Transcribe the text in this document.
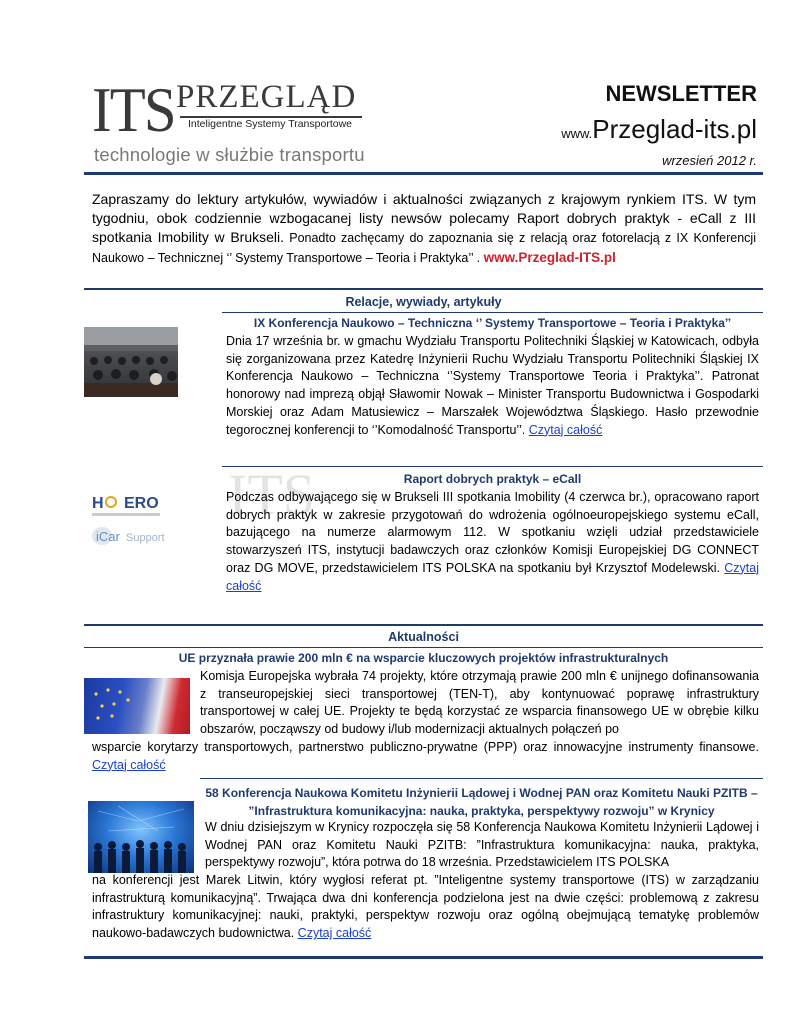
ITS PRZEGLĄD
Inteligentne Systemy Transportowe
technologie w służbie transportu
NEWSLETTER
www.Przeglad-its.pl
wrzesień 2012 r.
Zapraszamy do lektury artykułów, wywiadów i aktualności związanych z krajowym rynkiem ITS. W tym tygodniu, obok codziennie wzbogacanej listy newsów polecamy Raport dobrych praktyk - eCall z III spotkania Imobility w Brukseli. Ponadto zachęcamy do zapoznania się z relacją oraz fotorelacją z IX Konferencji Naukowo – Technicznej ‘’ Systemy Transportowe – Teoria i Praktyka’’ . www.Przeglad-ITS.pl
Relacje, wywiady, artykuły
IX Konferencja Naukowo – Techniczna ‘’ Systemy Transportowe – Teoria i Praktyka’’
Dnia 17 września br. w gmachu Wydziału Transportu Politechniki Śląskiej w Katowicach, odbyła się zorganizowana przez Katedrę Inżynierii Ruchu Wydziału Transportu Politechniki Śląskiej IX Konferencja Naukowo – Techniczna ‘’Systemy Transportowe Teoria i Praktyka’’. Patronat honorowy nad imprezą objął Sławomir Nowak – Minister Transportu Budownictwa i Gospodarki Morskiej oraz Adam Matusiewicz – Marszałek Województwa Śląskiego. Hasło przewodnie tegorocznej konferencji to ‘’Komodalność Transportu’’. Czytaj całość
H ERO
iCar Support
ITS	Raport dobrych praktyk – eCall
Podczas odbywającego się w Brukseli III spotkania Imobility (4 czerwca br.), opracowano raport dobrych praktyk w zakresie przygotowań do wdrożenia ogólnoeuropejskiego systemu eCall, bazującego na numerze alarmowym 112. W spotkaniu wzięli udział przedstawiciele stowarzyszeń ITS, instytucji badawczych oraz członków Komisji Europejskiej DG CONNECT oraz DG MOVE, przedstawicielem ITS POLSKA na spotkaniu był Krzysztof Modelewski. Czytaj całość
Aktualności
UE przyznała prawie 200 mln € na wsparcie kluczowych projektów infrastrukturalnych
Komisja Europejska wybrała 74 projekty, które otrzymają prawie 200 mln € unijnego dofinansowania z transeuropejskiej sieci transportowej (TEN-T), aby kontynuować poprawę infrastruktury transportowej w całej UE. Projekty te będą korzystać ze wsparcia finansowego UE w obrębie kilku obszarów, począwszy od budowy i/lub modernizacji aktualnych połączeń po
wsparcie korytarzy transportowych, partnerstwo publiczno-prywatne (PPP) oraz innowacyjne instrumenty finansowe. Czytaj całość
58 Konferencja Naukowa Komitetu Inżynierii Lądowej i Wodnej PAN oraz Komitetu Nauki PZITB – ”Infrastruktura komunikacyjna: nauka, praktyka, perspektywy rozwoju” w Krynicy
W dniu dzisiejszym w Krynicy rozpoczęła się 58 Konferencja Naukowa Komitetu Inżynierii Lądowej i Wodnej PAN oraz Komitetu Nauki PZITB: ”Infrastruktura komunikacyjna: nauka, praktyka, perspektywy rozwoju”, która potrwa do 18 września. Przedstawicielem ITS POLSKA
na konferencji jest Marek Litwin, który wygłosi referat pt. ”Inteligentne systemy transportowe (ITS) w zarządzaniu infrastrukturą komunikacyjną”. Trwająca dwa dni konferencja podzielona jest na dwie części: problemową z zakresu infrastruktury komunikacyjnej: nauki, praktyki, perspektyw rozwoju oraz ogólną obejmującą tematykę problemów naukowo-badawczych budownictwa. Czytaj całość
